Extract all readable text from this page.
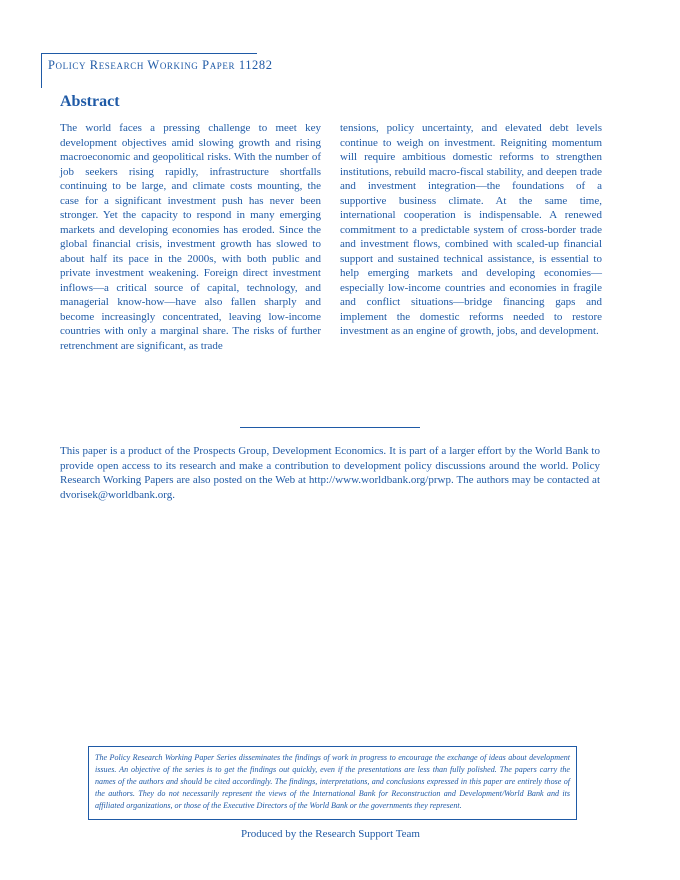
Policy Research Working Paper 11282
Abstract

The world faces a pressing challenge to meet key development objectives amid slowing growth and rising macroeconomic and geopolitical risks. With the number of job seekers rising rapidly, infrastructure shortfalls continuing to be large, and climate costs mounting, the case for a significant investment push has never been stronger. Yet the capacity to respond in many emerging markets and developing economies has eroded. Since the global financial crisis, investment growth has slowed to about half its pace in the 2000s, with both public and private investment weakening. Foreign direct investment inflows—a critical source of capital, technology, and managerial know-how—have also fallen sharply and become increasingly concentrated, leaving low-income countries with only a marginal share. The risks of further retrenchment are significant, as trade

tensions, policy uncertainty, and elevated debt levels continue to weigh on investment. Reigniting momentum will require ambitious domestic reforms to strengthen institutions, rebuild macro-fiscal stability, and deepen trade and investment integration—the foundations of a supportive business climate. At the same time, international cooperation is indispensable. A renewed commitment to a predictable system of cross-border trade and investment flows, combined with scaled-up financial support and sustained technical assistance, is essential to help emerging markets and developing economies—especially low-income countries and economies in fragile and conflict situations—bridge financing gaps and implement the domestic reforms needed to restore investment as an engine of growth, jobs, and development.

This paper is a product of the Prospects Group, Development Economics. It is part of a larger effort by the World Bank to provide open access to its research and make a contribution to development policy discussions around the world. Policy Research Working Papers are also posted on the Web at http://www.worldbank.org/prwp. The authors may be contacted at dvorisek@worldbank.org.

The Policy Research Working Paper Series disseminates the findings of work in progress to encourage the exchange of ideas about development issues. An objective of the series is to get the findings out quickly, even if the presentations are less than fully polished. The papers carry the names of the authors and should be cited accordingly. The findings, interpretations, and conclusions expressed in this paper are entirely those of the authors. They do not necessarily represent the views of the International Bank for Reconstruction and Development/World Bank and its affiliated organizations, or those of the Executive Directors of the World Bank or the governments they represent.

Produced by the Research Support Team
